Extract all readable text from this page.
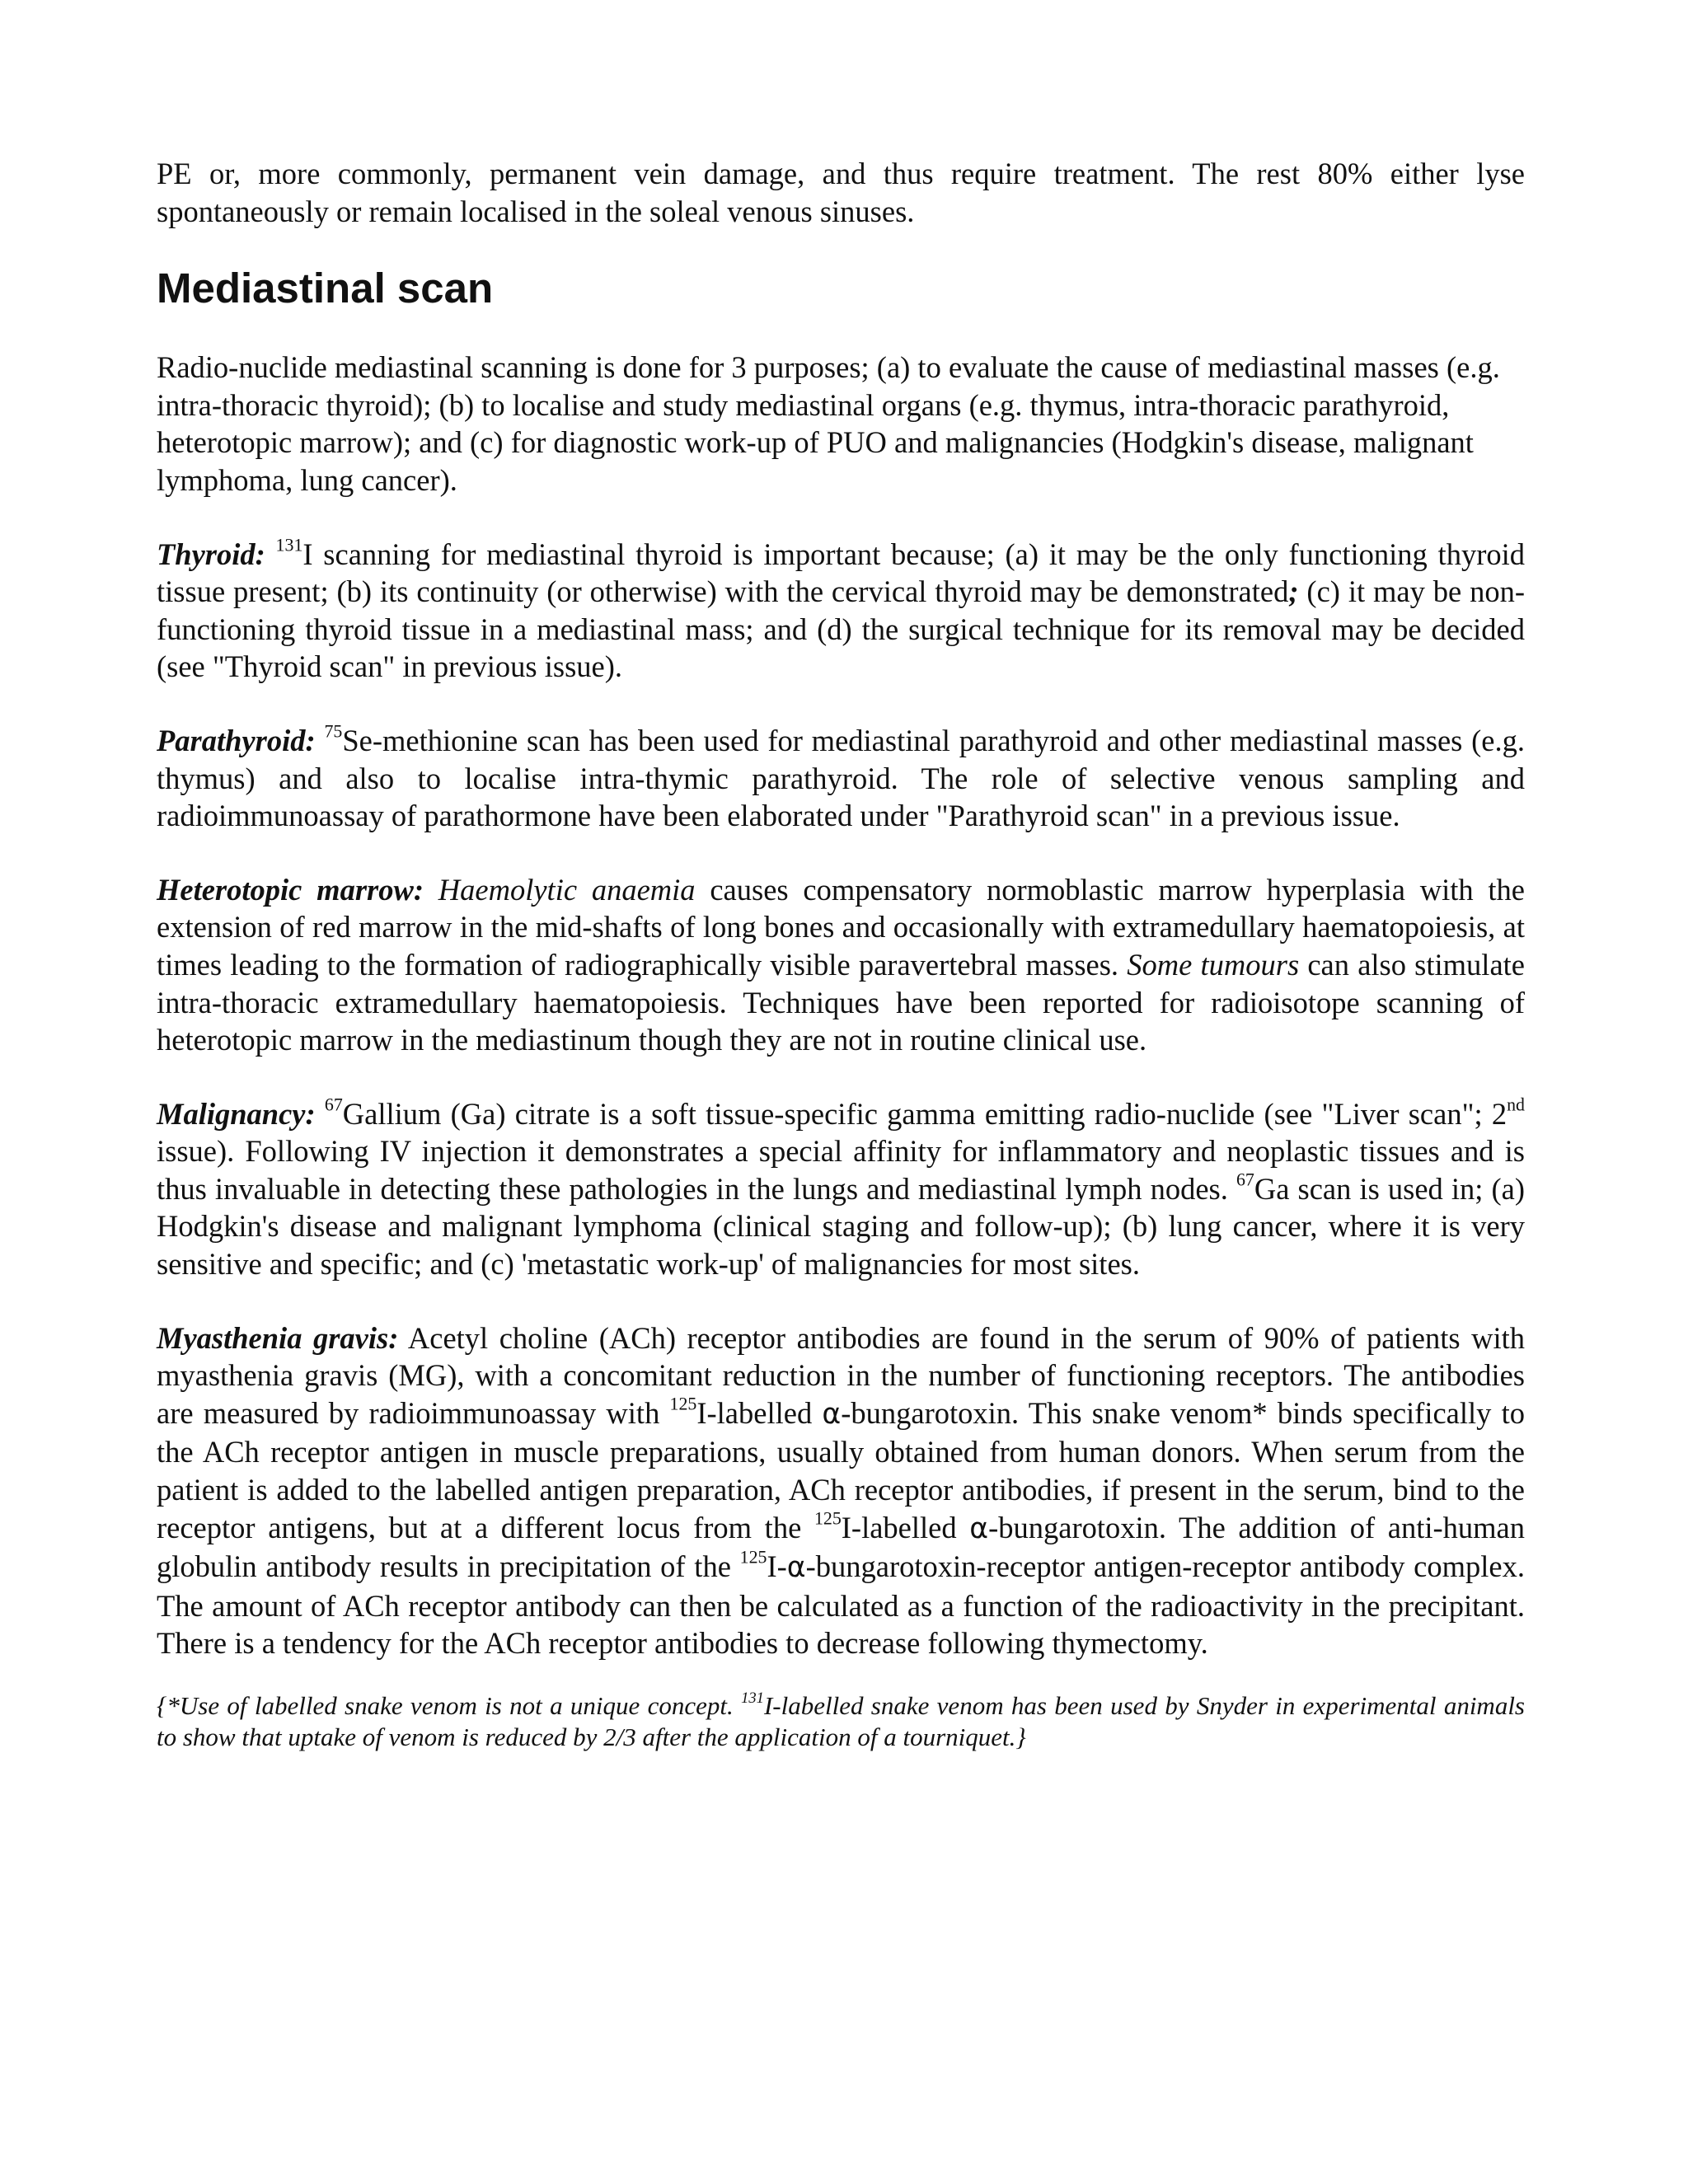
PE or, more commonly, permanent vein damage, and thus require treatment. The rest 80% either lyse spontaneously or remain localised in the soleal venous sinuses.

Mediastinal scan

Radio-nuclide mediastinal scanning is done for 3 purposes; (a) to evaluate the cause of mediastinal masses (e.g. intra-thoracic thyroid); (b) to localise and study mediastinal organs (e.g. thymus, intra-thoracic parathyroid, heterotopic marrow); and (c) for diagnostic work-up of PUO and malignancies (Hodgkin's disease, malignant lymphoma, lung cancer).

Thyroid: $^{131}$I scanning for mediastinal thyroid is important because; (a) it may be the only functioning thyroid tissue present; (b) its continuity (or otherwise) with the cervical thyroid may be demonstrated; (c) it may be non-functioning thyroid tissue in a mediastinal mass; and (d) the surgical technique for its removal may be decided (see "Thyroid scan" in previous issue).

Parathyroid: $^{75}$Se-methionine scan has been used for mediastinal parathyroid and other mediastinal masses (e.g. thymus) and also to localise intra-thymic parathyroid. The role of selective venous sampling and radioimmunoassay of parathormone have been elaborated under "Parathyroid scan" in a previous issue.

Heterotopic marrow: Haemolytic anaemia causes compensatory normoblastic marrow hyperplasia with the extension of red marrow in the mid-shafts of long bones and occasionally with extramedullary haematopoiesis, at times leading to the formation of radiographically visible paravertebral masses. Some tumours can also stimulate intra-thoracic extramedullary haematopoiesis. Techniques have been reported for radioisotope scanning of heterotopic marrow in the mediastinum though they are not in routine clinical use.

Malignancy: $^{67}$Gallium (Ga) citrate is a soft tissue-specific gamma emitting radio-nuclide (see "Liver scan"; 2nd issue). Following IV injection it demonstrates a special affinity for inflammatory and neoplastic tissues and is thus invaluable in detecting these pathologies in the lungs and mediastinal lymph nodes. $^{67}$Ga scan is used in; (a) Hodgkin's disease and malignant lymphoma (clinical staging and follow-up); (b) lung cancer, where it is very sensitive and specific; and (c) 'metastatic work-up' of malignancies for most sites.

Myasthenia gravis: Acetyl choline (ACh) receptor antibodies are found in the serum of 90% of patients with myasthenia gravis (MG), with a concomitant reduction in the number of functioning receptors. The antibodies are measured by radioimmunoassay with $^{125}$I-labelled α-bungarotoxin. This snake venom* binds specifically to the ACh receptor antigen in muscle preparations, usually obtained from human donors. When serum from the patient is added to the labelled antigen preparation, ACh receptor antibodies, if present in the serum, bind to the receptor antigens, but at a different locus from the $^{125}$I-labelled α-bungarotoxin. The addition of anti-human globulin antibody results in precipitation of the $^{125}$I-α-bungarotoxin-receptor antigen-receptor antibody complex. The amount of ACh receptor antibody can then be calculated as a function of the radioactivity in the precipitant. There is a tendency for the ACh receptor antibodies to decrease following thymectomy.

{*Use of labelled snake venom is not a unique concept. $^{131}$I-labelled snake venom has been used by Snyder in experimental animals to show that uptake of venom is reduced by 2/3 after the application of a tourniquet.}
